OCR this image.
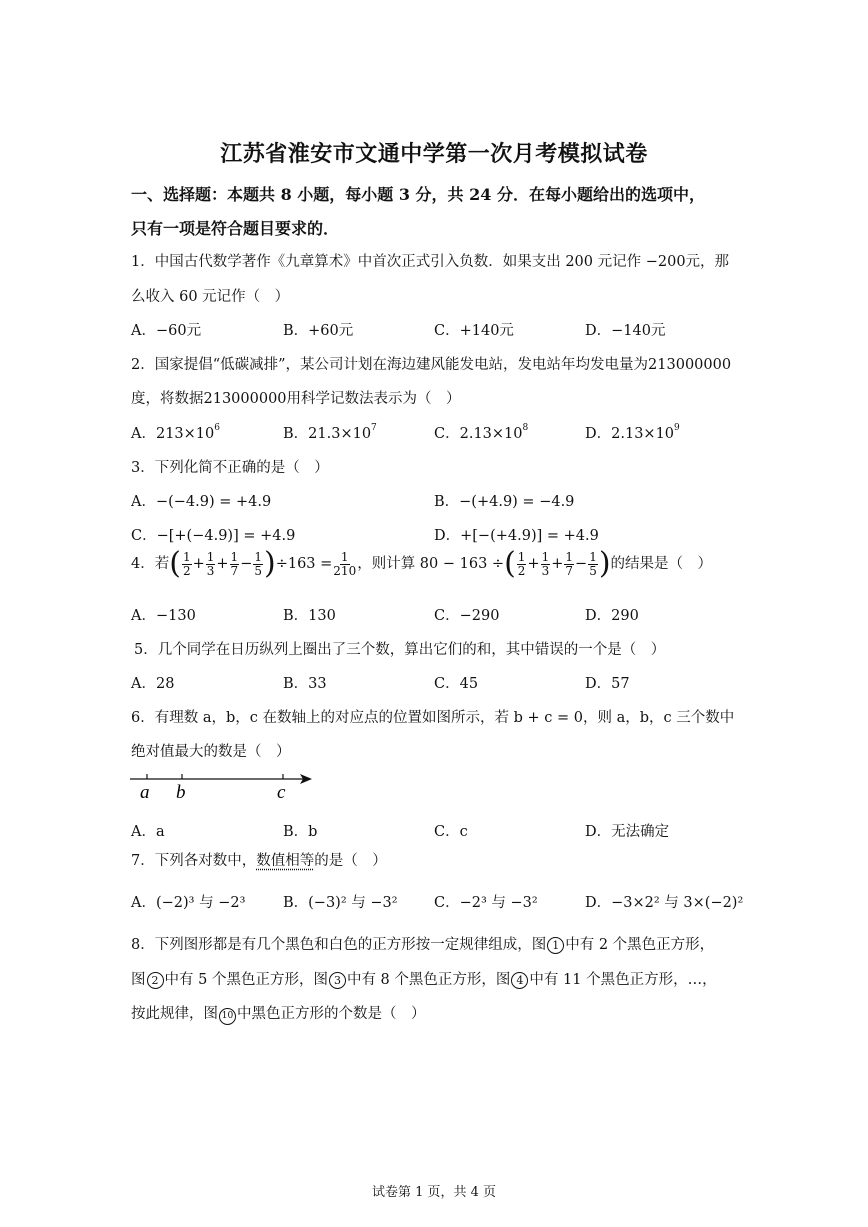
江苏省淮安市文通中学第一次月考模拟试卷
一、选择题：本题共 8 小题，每小题 3 分，共 24 分．在每小题给出的选项中，
只有一项是符合题目要求的．
1．中国古代数学著作《九章算术》中首次正式引入负数．如果支出 200 元记作 −200元，那
么收入 60 元记作（　）
A．−60元	B．+60元	C．+140元	D．−140元
2．国家提倡“低碳减排”，某公司计划在海边建风能发电站，发电站年均发电量为213000000
度，将数据213000000用科学记数法表示为（　）
A．$213\times 10^6$	B．$21.3\times 10^7$	C．$2.13\times 10^8$	D．$2.13\times 10^9$
3．下列化简不正确的是（　）
A．−(−4.9) = +4.9	B．−(+4.9) = −4.9
C．−[+(−4.9)] = +4.9	D．+[−(+4.9)] = +4.9
4．若( $\frac{1}{2} + \frac{1}{3} + \frac{1}{7} - \frac{1}{5} )\div 163 = \frac{1}{210}$ ，则计算 80 − 163 ÷( $\frac{1}{2} + \frac{1}{3} + \frac{1}{7} - \frac{1}{5}$ )的结果是（　）
A．−130	B．130	C．−290	D．290
5．几个同学在日历纵列上圈出了三个数，算出它们的和，其中错误的一个是（　）
A．28	B．33	C．45	D．57
6．有理数 a，b，c 在数轴上的对应点的位置如图所示，若 b + c = 0，则 a，b，c 三个数中
绝对值最大的数是（　）
a b	c
A．a	B．b	C．c	D．无法确定
7．下列各对数中，数值相等的是（　）
A．(−2)³ 与 −2³	B．(−3)² 与 −3²	C．−2³ 与 −3²	D．−3×2² 与 3×(−2)²
8．下列图形都是有几个黑色和白色的正方形按一定规律组成，图 1 中有 2 个黑色正方形，
图 2 中有 5 个黑色正方形，图 3 中有 8 个黑色正方形，图 4 中有 11 个黑色正方形，…，
按此规律，图 10 中黑色正方形的个数是（　）
试卷第 1 页，共 4 页
